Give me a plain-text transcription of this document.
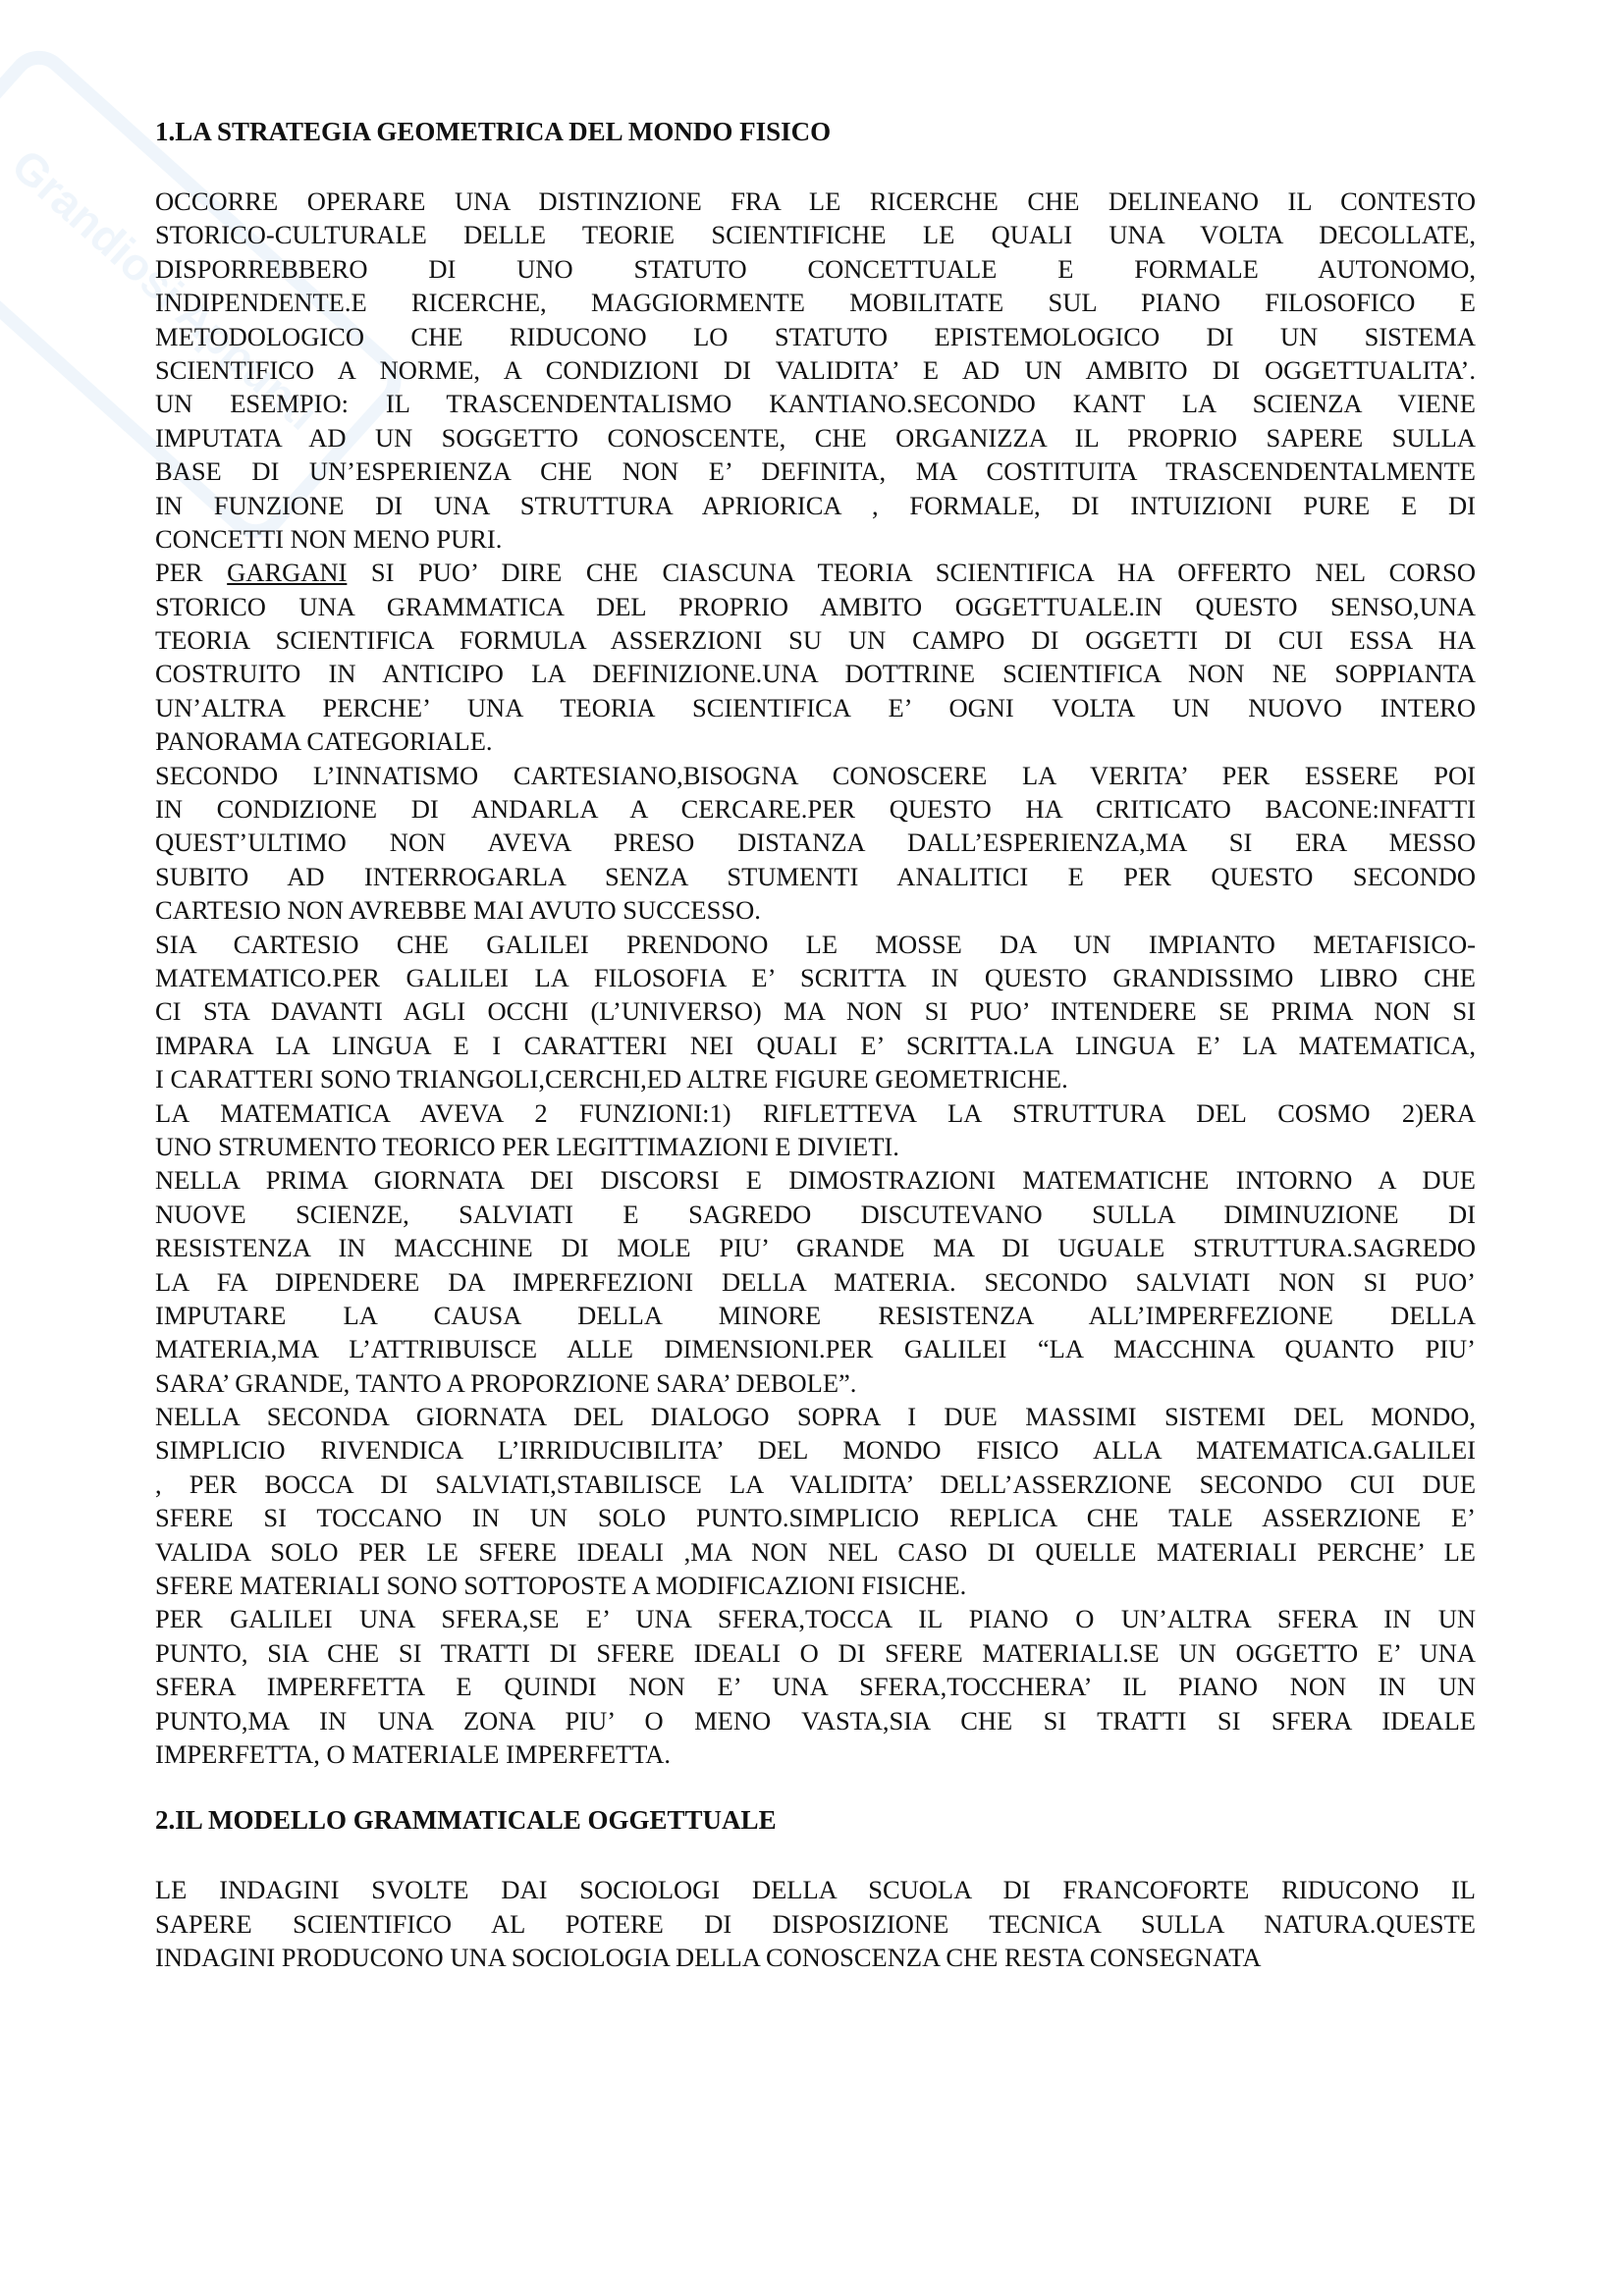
Grandiosi Appunti
1.LA STRATEGIA GEOMETRICA DEL MONDO FISICO
OCCORRE OPERARE UNA DISTINZIONE FRA LE RICERCHE CHE DELINEANO IL CONTESTO
STORICO-CULTURALE DELLE TEORIE SCIENTIFICHE LE QUALI UNA VOLTA DECOLLATE,
DISPORREBBERO DI UNO STATUTO CONCETTUALE E FORMALE AUTONOMO,
INDIPENDENTE.E RICERCHE, MAGGIORMENTE MOBILITATE SUL PIANO FILOSOFICO E
METODOLOGICO CHE RIDUCONO LO STATUTO EPISTEMOLOGICO DI UN SISTEMA
SCIENTIFICO A NORME, A CONDIZIONI DI VALIDITA’ E AD UN AMBITO DI OGGETTUALITA’.
UN ESEMPIO: IL TRASCENDENTALISMO KANTIANO.SECONDO KANT LA SCIENZA VIENE
IMPUTATA AD UN SOGGETTO CONOSCENTE, CHE ORGANIZZA IL PROPRIO SAPERE SULLA
BASE DI UN’ESPERIENZA CHE NON E’ DEFINITA, MA COSTITUITA TRASCENDENTALMENTE
IN FUNZIONE DI UNA STRUTTURA APRIORICA , FORMALE, DI INTUIZIONI PURE E DI
CONCETTI NON MENO PURI.
PER GARGANI SI PUO’ DIRE CHE CIASCUNA TEORIA SCIENTIFICA HA OFFERTO NEL CORSO
STORICO UNA GRAMMATICA DEL PROPRIO AMBITO OGGETTUALE.IN QUESTO SENSO,UNA
TEORIA SCIENTIFICA FORMULA ASSERZIONI SU UN CAMPO DI OGGETTI DI CUI ESSA HA
COSTRUITO IN ANTICIPO LA DEFINIZIONE.UNA DOTTRINE SCIENTIFICA NON NE SOPPIANTA
UN’ALTRA PERCHE’ UNA TEORIA SCIENTIFICA E’ OGNI VOLTA UN NUOVO INTERO
PANORAMA CATEGORIALE.
SECONDO L’INNATISMO CARTESIANO,BISOGNA CONOSCERE LA VERITA’ PER ESSERE POI
IN CONDIZIONE DI ANDARLA A CERCARE.PER QUESTO HA CRITICATO BACONE:INFATTI
QUEST’ULTIMO NON AVEVA PRESO DISTANZA DALL’ESPERIENZA,MA SI ERA MESSO
SUBITO AD INTERROGARLA SENZA STUMENTI ANALITICI E PER QUESTO SECONDO
CARTESIO NON AVREBBE MAI AVUTO SUCCESSO.
SIA CARTESIO CHE GALILEI PRENDONO LE MOSSE DA UN IMPIANTO METAFISICO-
MATEMATICO.PER GALILEI LA FILOSOFIA E’ SCRITTA IN QUESTO GRANDISSIMO LIBRO CHE
CI STA DAVANTI AGLI OCCHI (L’UNIVERSO) MA NON SI PUO’ INTENDERE SE PRIMA NON SI
IMPARA LA LINGUA E I CARATTERI NEI QUALI E’ SCRITTA.LA LINGUA E’ LA MATEMATICA,
I CARATTERI SONO TRIANGOLI,CERCHI,ED ALTRE FIGURE GEOMETRICHE.
LA MATEMATICA AVEVA 2 FUNZIONI:1) RIFLETTEVA LA STRUTTURA DEL COSMO 2)ERA
UNO STRUMENTO TEORICO PER LEGITTIMAZIONI E DIVIETI.
NELLA PRIMA GIORNATA DEI DISCORSI E DIMOSTRAZIONI MATEMATICHE INTORNO A DUE
NUOVE SCIENZE, SALVIATI E SAGREDO DISCUTEVANO SULLA DIMINUZIONE DI
RESISTENZA IN MACCHINE DI MOLE PIU’ GRANDE MA DI UGUALE STRUTTURA.SAGREDO
LA FA DIPENDERE DA IMPERFEZIONI DELLA MATERIA. SECONDO SALVIATI NON SI PUO’
IMPUTARE LA CAUSA DELLA MINORE RESISTENZA ALL’IMPERFEZIONE DELLA
MATERIA,MA L’ATTRIBUISCE ALLE DIMENSIONI.PER GALILEI “LA MACCHINA QUANTO PIU’
SARA’ GRANDE, TANTO A PROPORZIONE SARA’ DEBOLE”.
NELLA SECONDA GIORNATA DEL DIALOGO SOPRA I DUE MASSIMI SISTEMI DEL MONDO,
SIMPLICIO RIVENDICA L’IRRIDUCIBILITA’ DEL MONDO FISICO ALLA MATEMATICA.GALILEI
, PER BOCCA DI SALVIATI,STABILISCE LA VALIDITA’ DELL’ASSERZIONE SECONDO CUI DUE
SFERE SI TOCCANO IN UN SOLO PUNTO.SIMPLICIO REPLICA CHE TALE ASSERZIONE E’
VALIDA SOLO PER LE SFERE IDEALI ,MA NON NEL CASO DI QUELLE MATERIALI PERCHE’ LE
SFERE MATERIALI SONO SOTTOPOSTE A MODIFICAZIONI FISICHE.
PER GALILEI UNA SFERA,SE E’ UNA SFERA,TOCCA IL PIANO O UN’ALTRA SFERA IN UN
PUNTO, SIA CHE SI TRATTI DI SFERE IDEALI O DI SFERE MATERIALI.SE UN OGGETTO E’ UNA
SFERA IMPERFETTA E QUINDI NON E’ UNA SFERA,TOCCHERA’ IL PIANO NON IN UN
PUNTO,MA IN UNA ZONA PIU’ O MENO VASTA,SIA CHE SI TRATTI SI SFERA IDEALE
IMPERFETTA, O MATERIALE IMPERFETTA.
2.IL MODELLO GRAMMATICALE OGGETTUALE
LE INDAGINI SVOLTE DAI SOCIOLOGI DELLA SCUOLA DI FRANCOFORTE RIDUCONO IL
SAPERE SCIENTIFICO AL POTERE DI DISPOSIZIONE TECNICA SULLA NATURA.QUESTE
INDAGINI PRODUCONO UNA SOCIOLOGIA DELLA CONOSCENZA CHE RESTA CONSEGNATA
